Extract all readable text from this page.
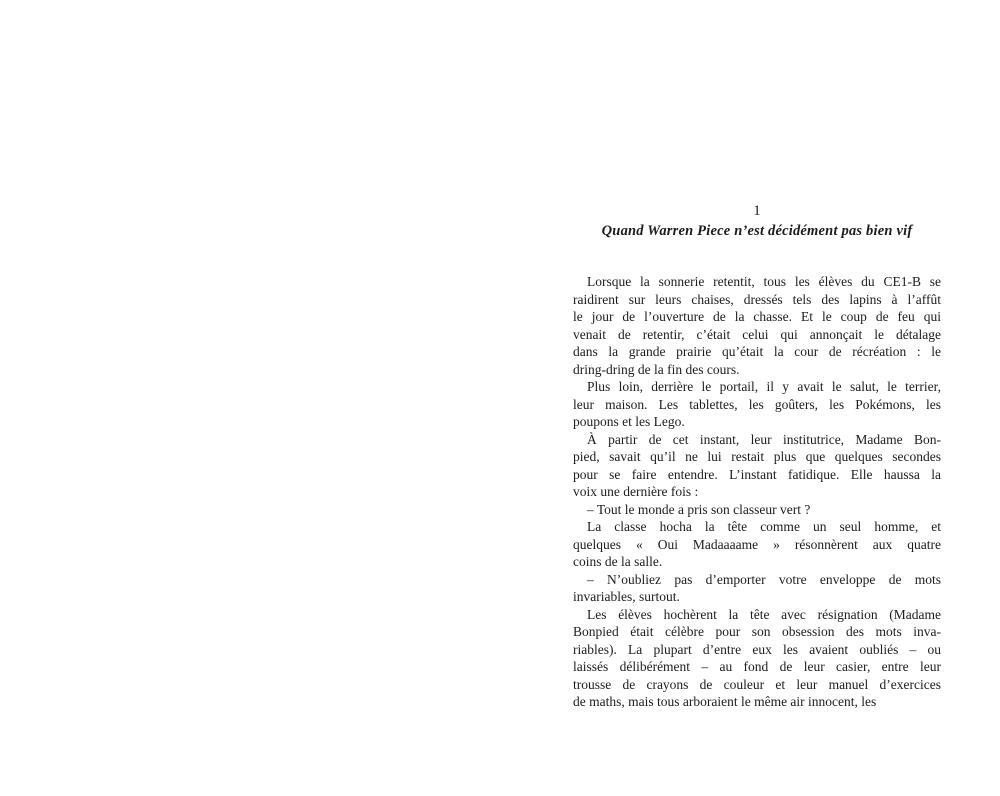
1
Quand Warren Piece n’est décidément pas bien vif
Lorsque la sonnerie retentit, tous les élèves du CE1-B se
raidirent sur leurs chaises, dressés tels des lapins à l’affût
le jour de l’ouverture de la chasse. Et le coup de feu qui
venait de retentir, c’était celui qui annonçait le détalage
dans la grande prairie qu’était la cour de récréation : le
dring-dring de la fin des cours.
Plus loin, derrière le portail, il y avait le salut, le terrier,
leur maison. Les tablettes, les goûters, les Pokémons, les
poupons et les Lego.
À partir de cet instant, leur institutrice, Madame Bon-
pied, savait qu’il ne lui restait plus que quelques secondes
pour se faire entendre. L’instant fatidique. Elle haussa la
voix une dernière fois :
– Tout le monde a pris son classeur vert ?
La classe hocha la tête comme un seul homme, et
quelques « Oui Madaaaame » résonnèrent aux quatre
coins de la salle.
– N’oubliez pas d’emporter votre enveloppe de mots
invariables, surtout.
Les élèves hochèrent la tête avec résignation (Madame
Bonpied était célèbre pour son obsession des mots inva-
riables). La plupart d’entre eux les avaient oubliés – ou
laissés délibérément – au fond de leur casier, entre leur
trousse de crayons de couleur et leur manuel d’exercices
de maths, mais tous arboraient le même air innocent, les
